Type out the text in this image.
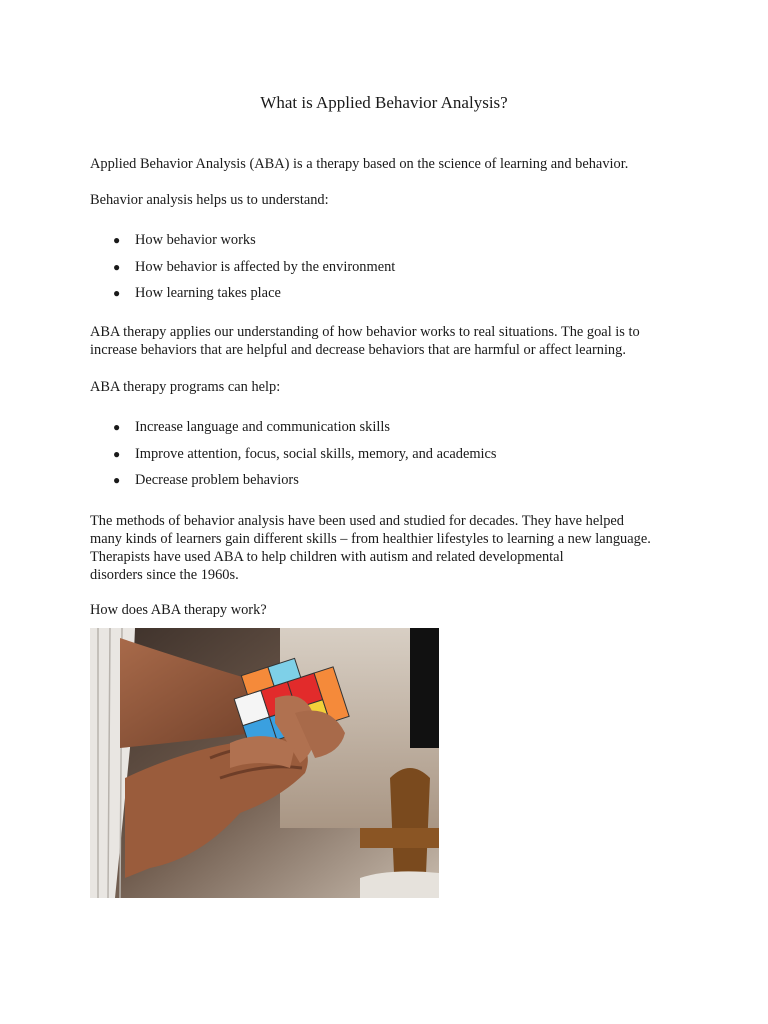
What is Applied Behavior Analysis?

Applied Behavior Analysis (ABA) is a therapy based on the science of learning and behavior.

Behavior analysis helps us to understand:

● How behavior works
● How behavior is affected by the environment
● How learning takes place

ABA therapy applies our understanding of how behavior works to real situations. The goal is to
increase behaviors that are helpful and decrease behaviors that are harmful or affect learning.

ABA therapy programs can help:

● Increase language and communication skills
● Improve attention, focus, social skills, memory, and academics
● Decrease problem behaviors

The methods of behavior analysis have been used and studied for decades. They have helped
many kinds of learners gain different skills – from healthier lifestyles to learning a new language.
Therapists have used ABA to help children with autism and related developmental
disorders since the 1960s.

How does ABA therapy work?
